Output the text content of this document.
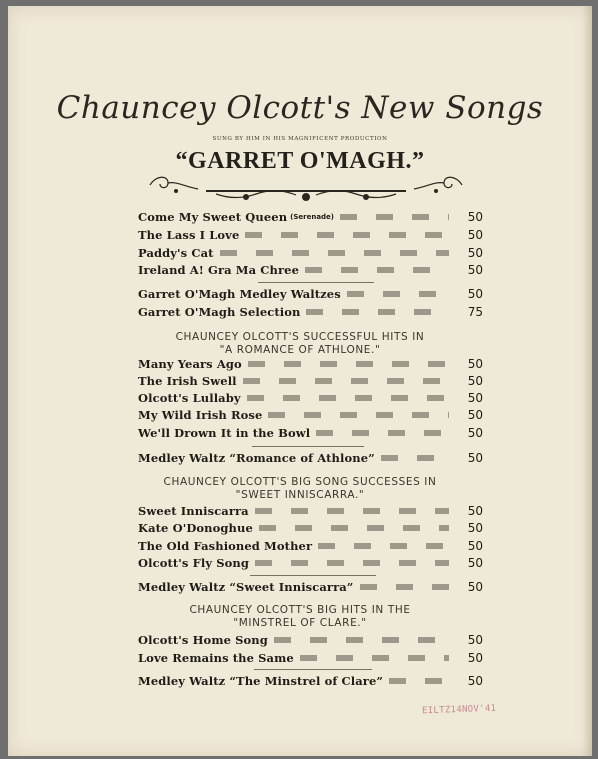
Chauncey Olcott's New Songs

SUNG BY HIM IN HIS MAGNIFICENT PRODUCTION

“GARRET O'MAGH.”

Come My Sweet Queen (Serenade)	50
The Lass I Love	50
Paddy's Cat	50
Ireland A! Gra Ma Chree	50
Garret O'Magh Medley Waltzes	50
Garret O'Magh Selection	75

CHAUNCEY OLCOTT'S SUCCESSFUL HITS IN

"A ROMANCE OF ATHLONE."

Many Years Ago	50
The Irish Swell	50
Olcott's Lullaby	50
My Wild Irish Rose	50
We'll Drown It in the Bowl	50
Medley Waltz “Romance of Athlone”	50

CHAUNCEY OLCOTT'S BIG SONG SUCCESSES IN

"SWEET INNISCARRA."

Sweet Inniscarra	50
Kate O'Donoghue	50
The Old Fashioned Mother	50
Olcott's Fly Song	50
Medley Waltz “Sweet Inniscarra”	50

CHAUNCEY OLCOTT'S BIG HITS IN THE

"MINSTREL OF CLARE."

Olcott's Home Song	50
Love Remains the Same	50
Medley Waltz “The Minstrel of Clare”	50
EILTZ14NOV'41
